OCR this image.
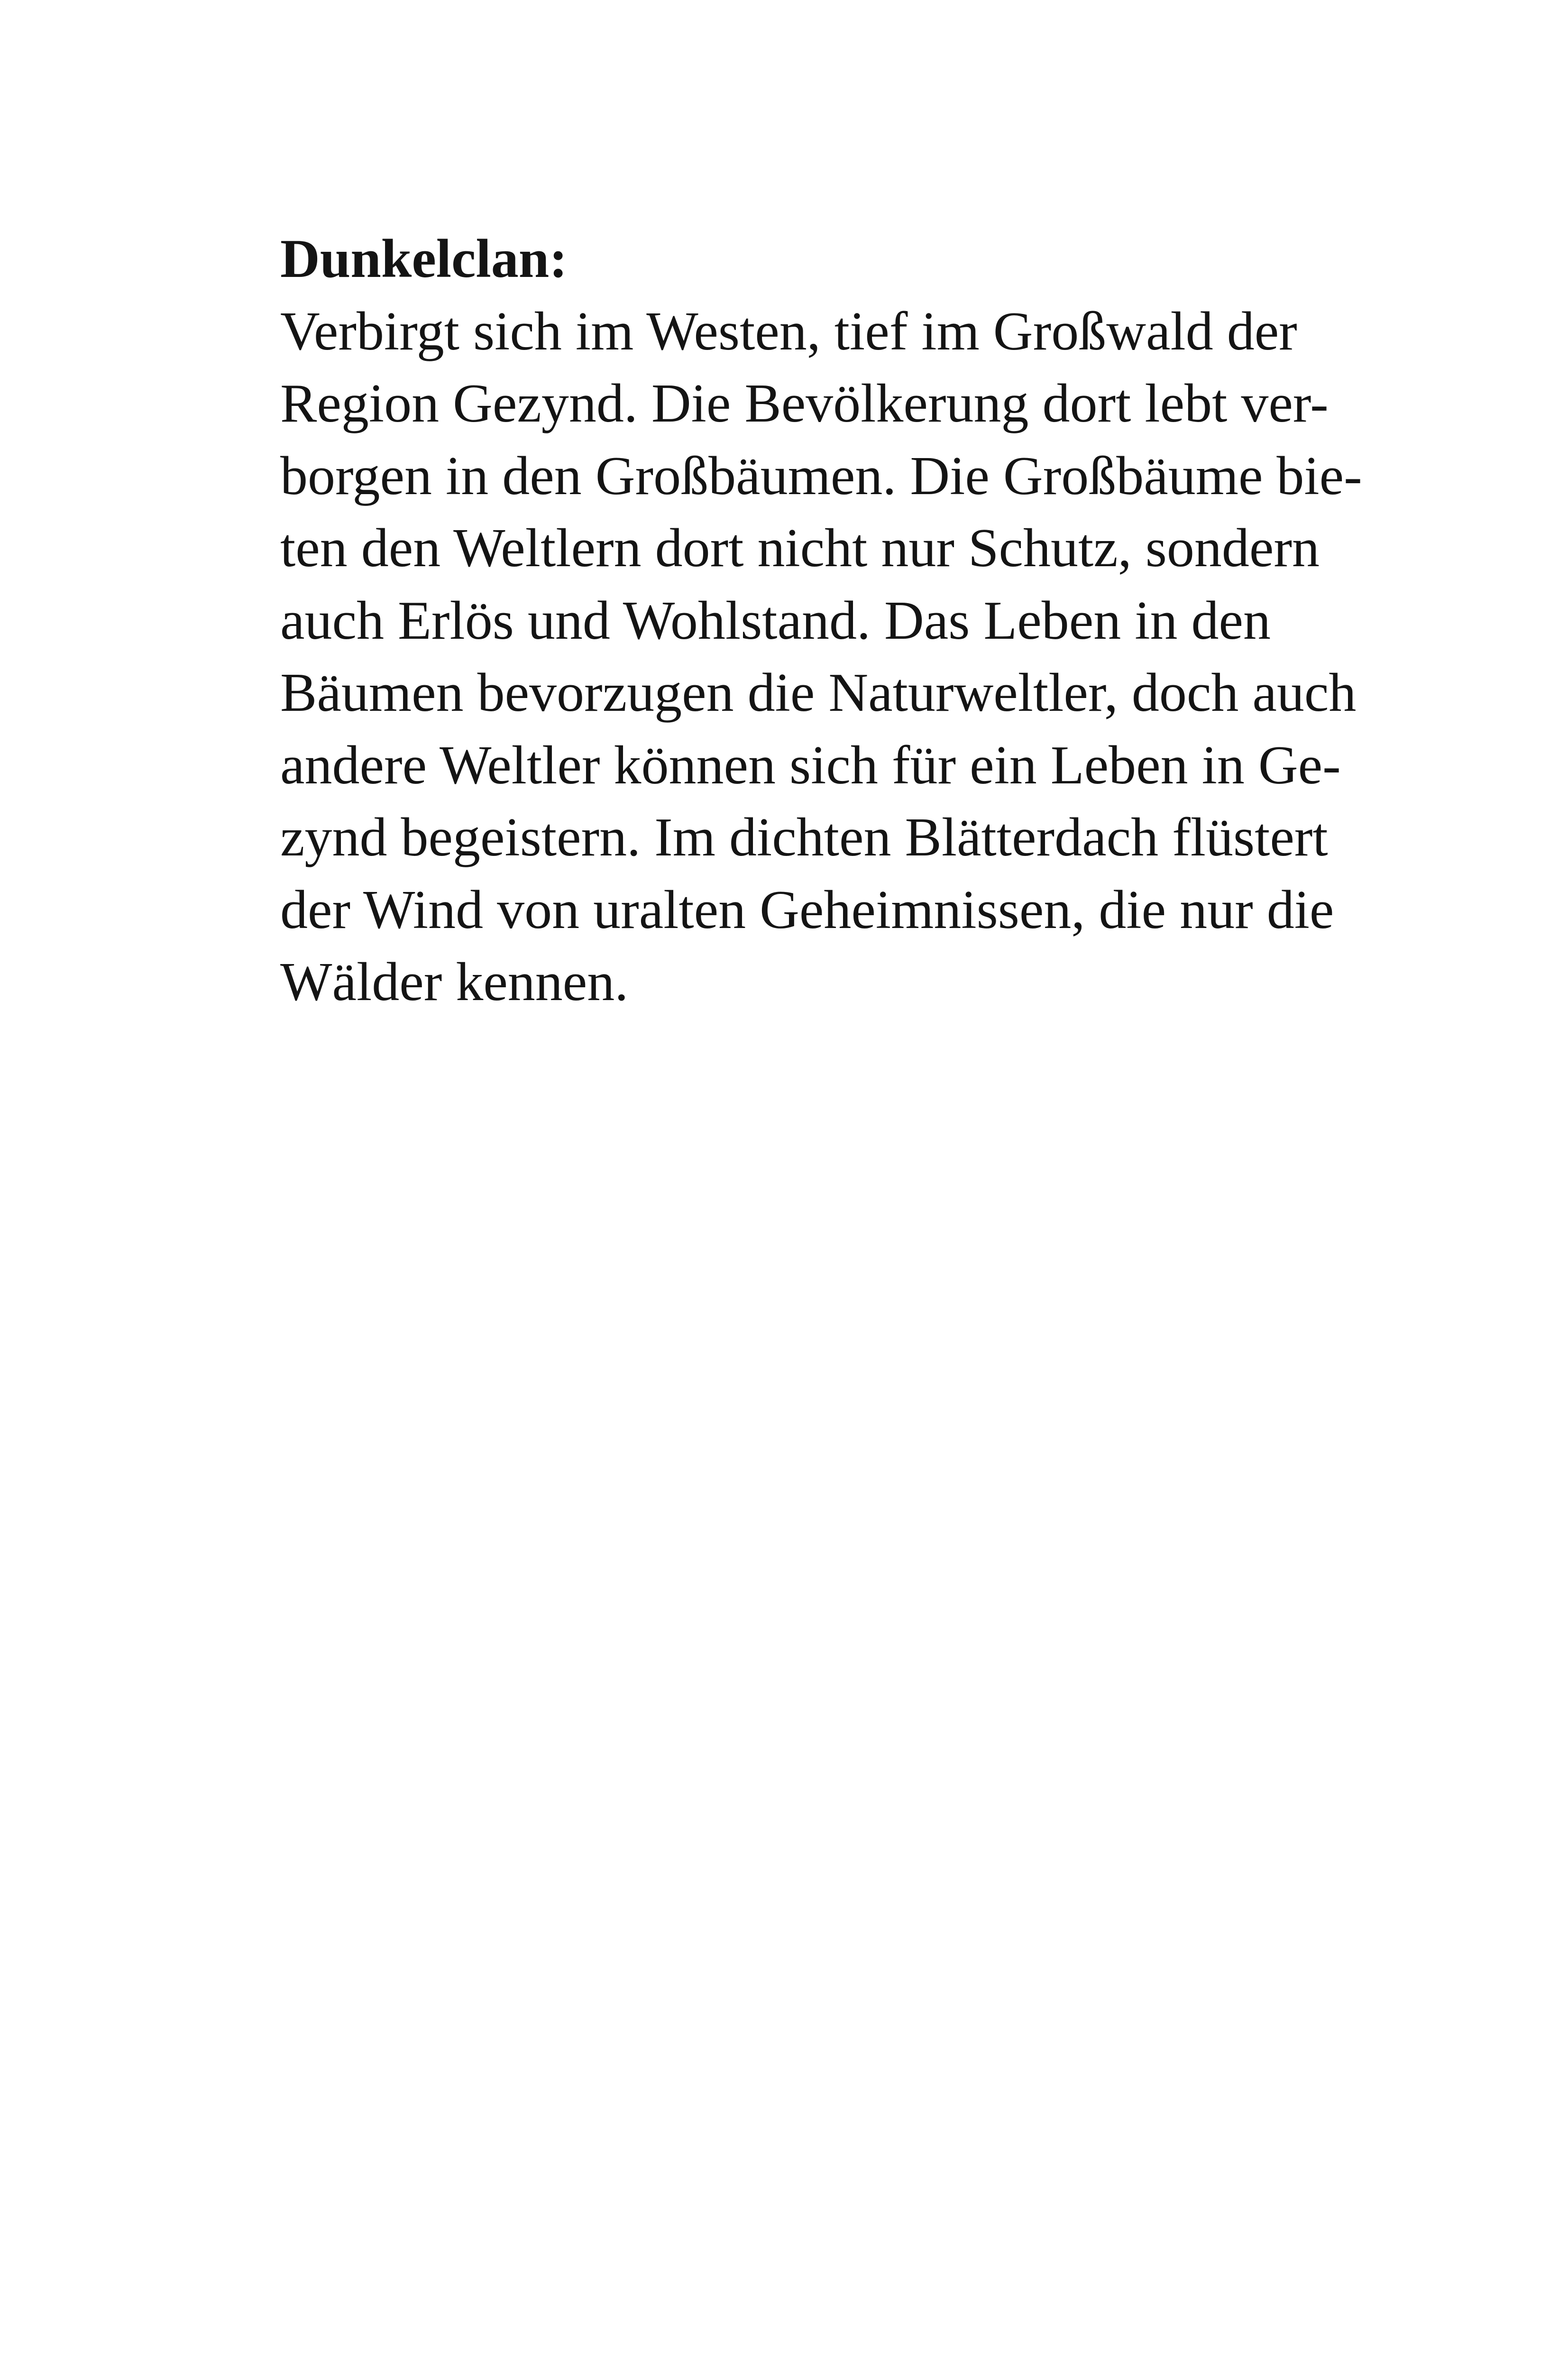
Dunkelclan:
Verbirgt sich im Westen, tief im Großwald der
Region Gezynd. Die Bevölkerung dort lebt ver-
borgen in den Großbäumen. Die Großbäume bie-
ten den Weltlern dort nicht nur Schutz, sondern
auch Erlös und Wohlstand. Das Leben in den
Bäumen bevorzugen die Naturweltler, doch auch
andere Weltler können sich für ein Leben in Ge-
zynd begeistern. Im dichten Blätterdach flüstert
der Wind von uralten Geheimnissen, die nur die
Wälder kennen.
